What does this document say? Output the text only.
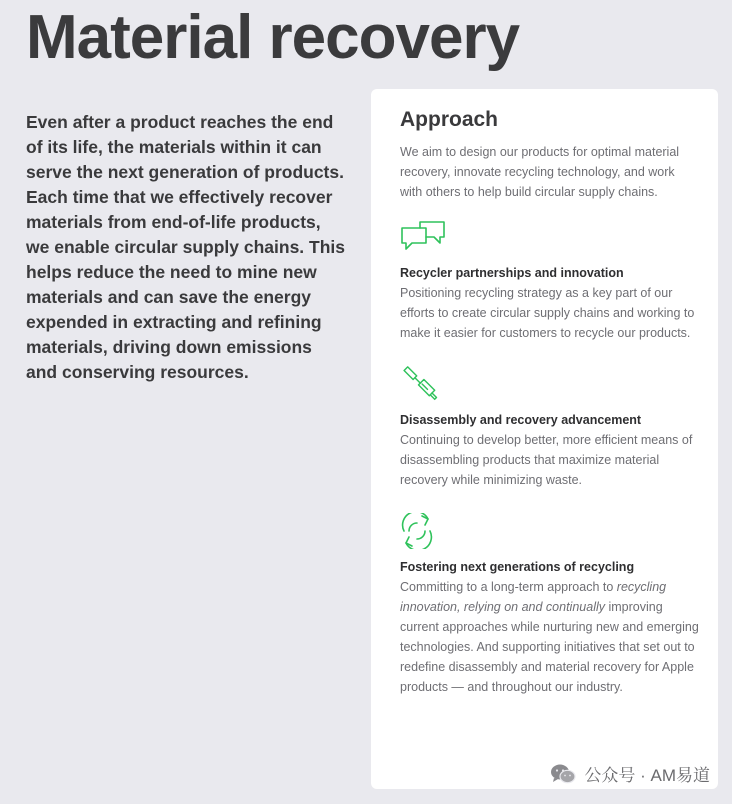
Material recovery

Even after a product reaches the end of its life, the materials within it can serve the next generation of products. Each time that we effectively recover materials from end-of-life products, we enable circular supply chains. This helps reduce the need to mine new materials and can save the energy expended in extracting and refining materials, driving down emissions and conserving resources.

Approach

We aim to design our products for optimal material recovery, innovate recycling technology, and work with others to help build circular supply chains.

Recycler partnerships and innovation

Positioning recycling strategy as a key part of our efforts to create circular supply chains and working to make it easier for customers to recycle our products.

Disassembly and recovery advancement

Continuing to develop better, more efficient means of disassembling products that maximize material recovery while minimizing waste.

Fostering next generations of recycling

Committing to a long-term approach to recycling innovation, relying on and continually improving current approaches while nurturing new and emerging technologies. And supporting initiatives that set out to redefine disassembly and material recovery for Apple products — and throughout our industry.

公众号 · AM易道
